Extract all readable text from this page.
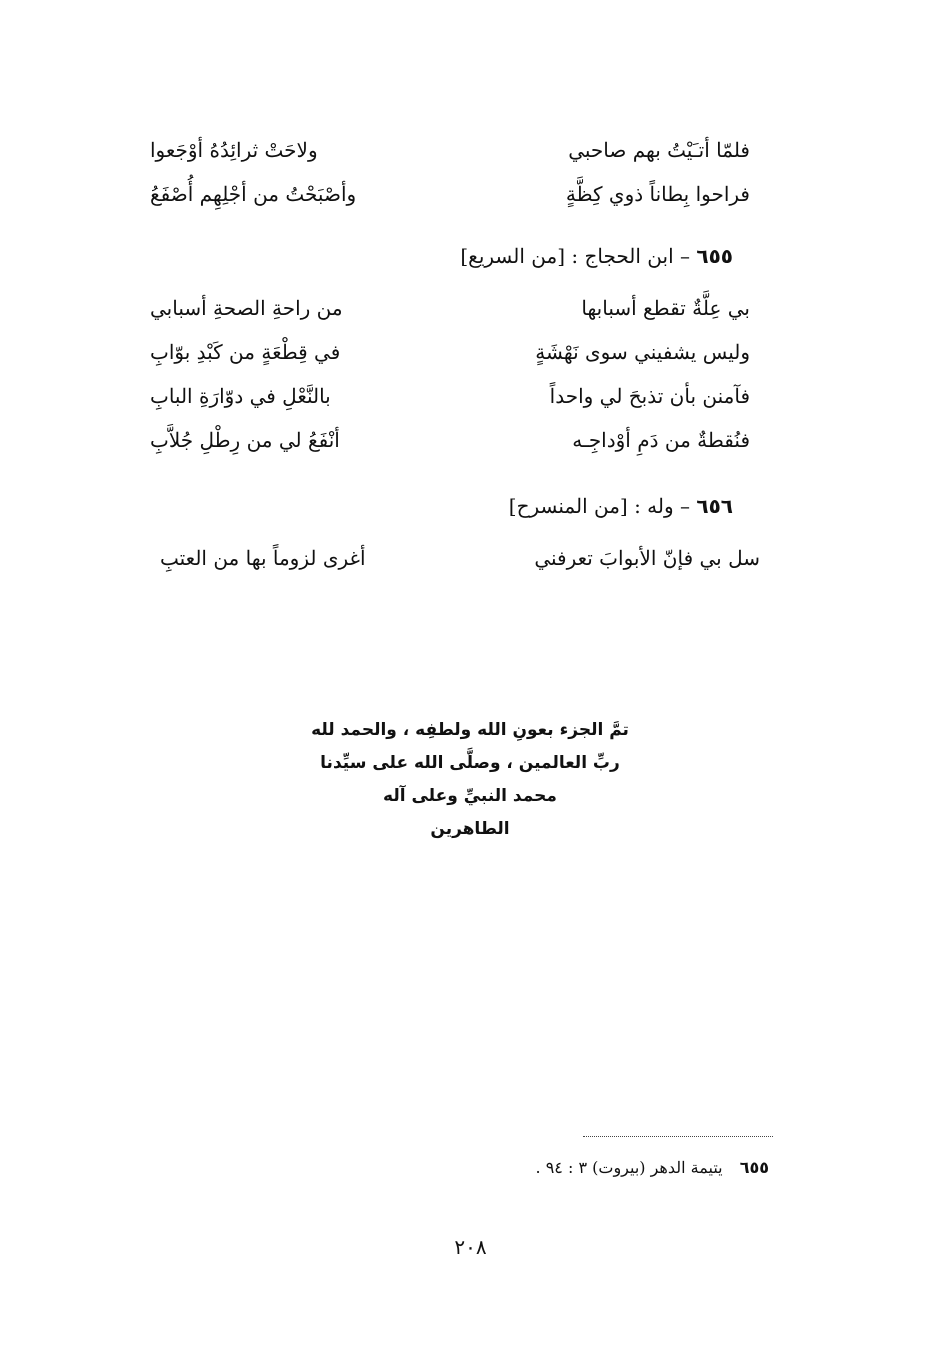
فلمّا أتـَيْتُ بهم صاحبي
ولاحَتْ ثرائِدُهُ أوْجَعوا
فراحوا بِطاناً ذوي كِظَّةٍ
وأصْبَحْتُ من أجْلِهِم أُصْفَعُ
٦٥٥ – ابن الحجاج : [من السريع]
بي عِلَّةٌ تقطع أسبابها
من راحةِ الصحةِ أسبابي
وليس يشفيني سوى نَهْشَةٍ
في قِطْعَةٍ من كَبْدِ بوّابِ
فآمنن بأن تذبحَ لي واحداً
بالنَّعْلِ في دوّارَةِ البابِ
فنُقطةٌ من دَمِ أوْداجِـه
أنْفَعُ لي من رِطْلِ جُلاَّبِ
٦٥٦ – وله : [من المنسرح]
سل بي فإنّ الأبوابَ تعرفني
أغرى لزوماً بها من العتبِ
تمَّ الجزء بعونِ الله ولطفِه ، والحمد لله
ربِّ العالمين ، وصلَّى الله على سيِّدنا
محمد النبيِّ وعلى آله
الطاهرين
٦٥٥ يتيمة الدهر (بيروت) ٣ : ٩٤ .
٢٠٨
